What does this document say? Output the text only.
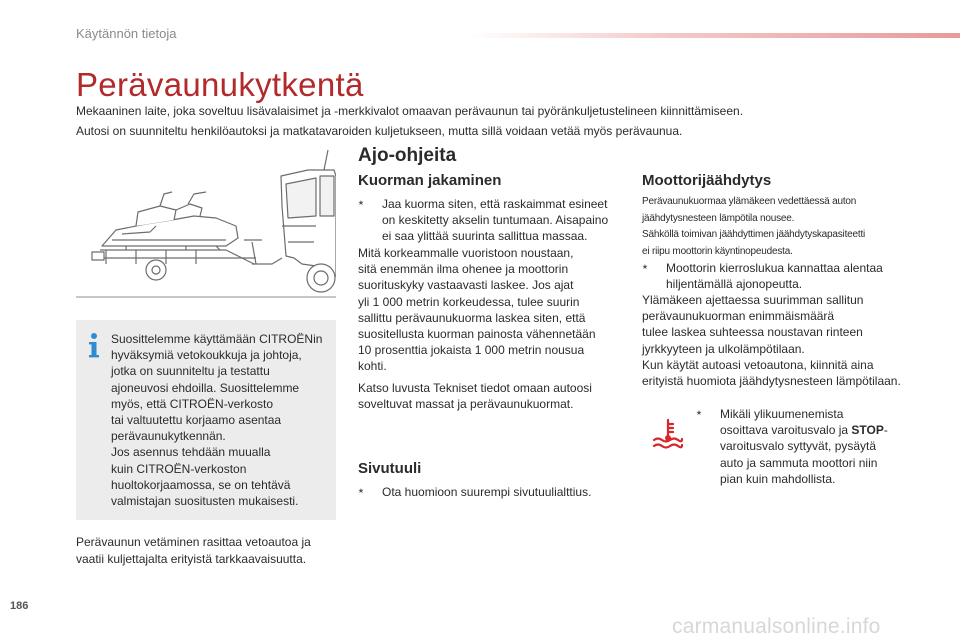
Käytännön tietoja
Perävaunukytkentä
Mekaaninen laite, joka soveltuu lisävalaisimet ja -merkkivalot omaavan perävaunun tai pyöränkuljetustelineen kiinnittämiseen.
Autosi on suunniteltu henkilöautoksi ja matkatavaroiden kuljetukseen, mutta sillä voidaan vetää myös perävaunua.
Suosittelemme käyttämään CITROËNin
hyväksymiä vetokoukkuja ja johtoja,
jotka on suunniteltu ja testattu
ajoneuvosi ehdoilla. Suosittelemme
myös, että CITROËN-verkosto
tai valtuutettu korjaamo asentaa
perävaunukytkennän.
Jos asennus tehdään muualla
kuin CITROËN-verkoston
huoltokorjaamossa, se on tehtävä
valmistajan suositusten mukaisesti.
Perävaunun vetäminen rasittaa vetoautoa ja
vaatii kuljettajalta erityistä tarkkaavaisuutta.
Ajo-ohjeita
Kuorman jakaminen
⭑	Jaa kuorma siten, että raskaimmat esineet
on keskitetty akselin tuntumaan. Aisapaino
ei saa ylittää suurinta sallittua massaa.
Mitä korkeammalle vuoristoon noustaan,
sitä enemmän ilma ohenee ja moottorin
suorituskyky vastaavasti laskee. Jos ajat
yli 1 000 metrin korkeudessa, tulee suurin
sallittu perävaunukuorma laskea siten, että
suositellusta kuorman painosta vähennetään
10 prosenttia jokaista 1 000 metrin nousua
kohti.
Katso luvusta Tekniset tiedot omaan autoosi
soveltuvat massat ja perävaunukuormat.
Sivutuuli
⭑	Ota huomioon suurempi sivutuulialttius.
Moottorijäähdytys
Perävaunukuormaa ylämäkeen vedettäessä auton
jäähdytysnesteen lämpötila nousee.
Sähköllä toimivan jäähdyttimen jäähdytyskapasiteetti
ei riipu moottorin käyntinopeudesta.
⭑	Moottorin kierroslukua kannattaa alentaa
hiljentämällä ajonopeutta.
Ylämäkeen ajettaessa suurimman sallitun
perävaunukuorman enimmäismäärä
tulee laskea suhteessa noustavan rinteen
jyrkkyyteen ja ulkolämpötilaan.
Kun käytät autoasi vetoautona, kiinnitä aina
erityistä huomiota jäähdytysnesteen lämpötilaan.
⭑	Mikäli ylikuumenemista
osoittava varoitusvalo ja STOP-
varoitusvalo syttyvät, pysäytä
auto ja sammuta moottori niin
pian kuin mahdollista.
186
carmanualsonline.info
